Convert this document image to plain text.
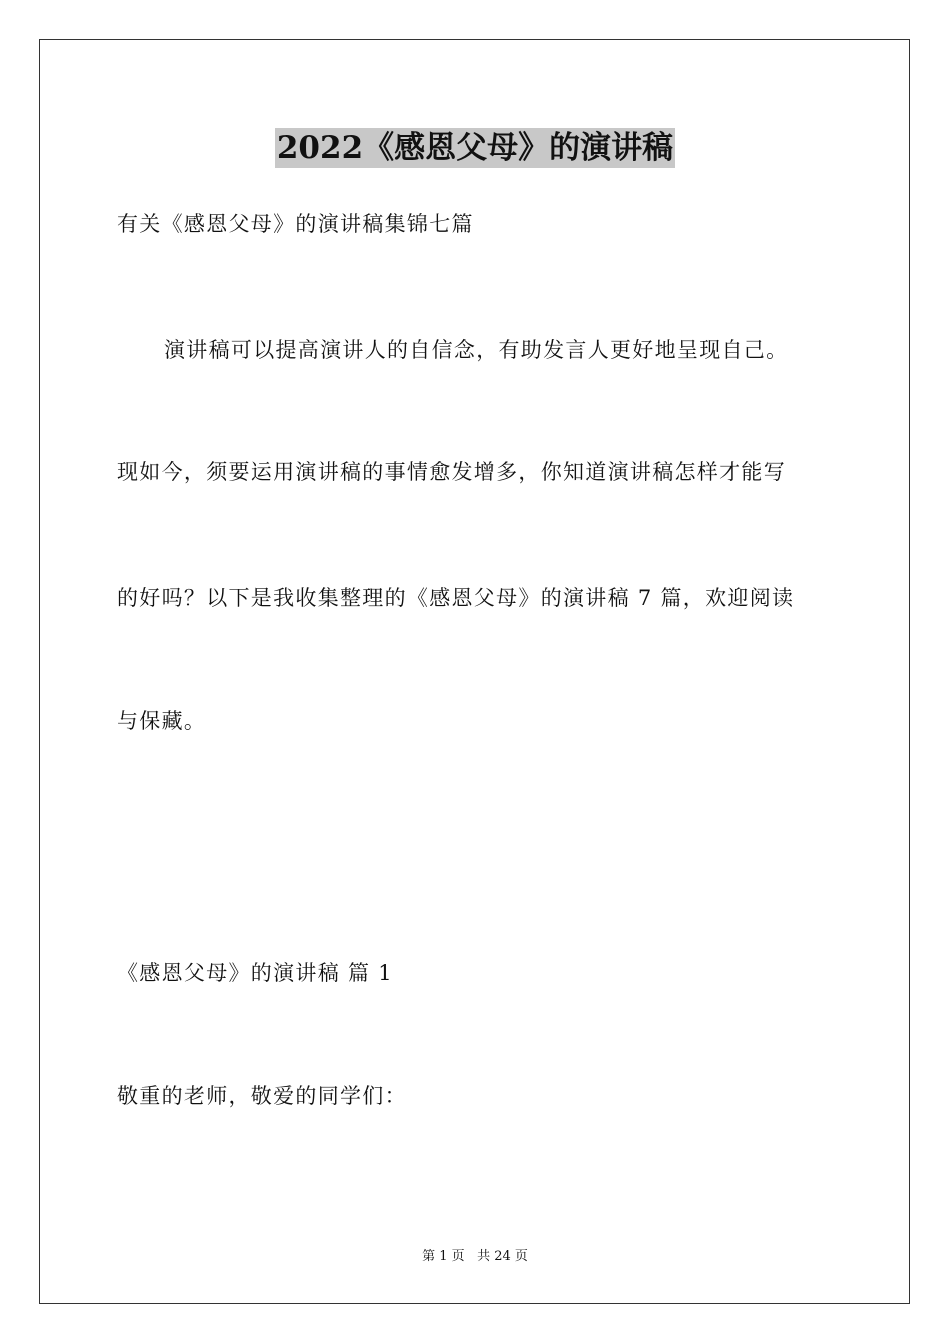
2022《感恩父母》的演讲稿
有关《感恩父母》的演讲稿集锦七篇
演讲稿可以提高演讲人的自信念，有助发言人更好地呈现自己。
现如今，须要运用演讲稿的事情愈发增多，你知道演讲稿怎样才能写
的好吗？以下是我收集整理的《感恩父母》的演讲稿 7 篇，欢迎阅读
与保藏。
《感恩父母》的演讲稿 篇 1
敬重的老师，敬爱的同学们：
第 1 页 共 24 页
